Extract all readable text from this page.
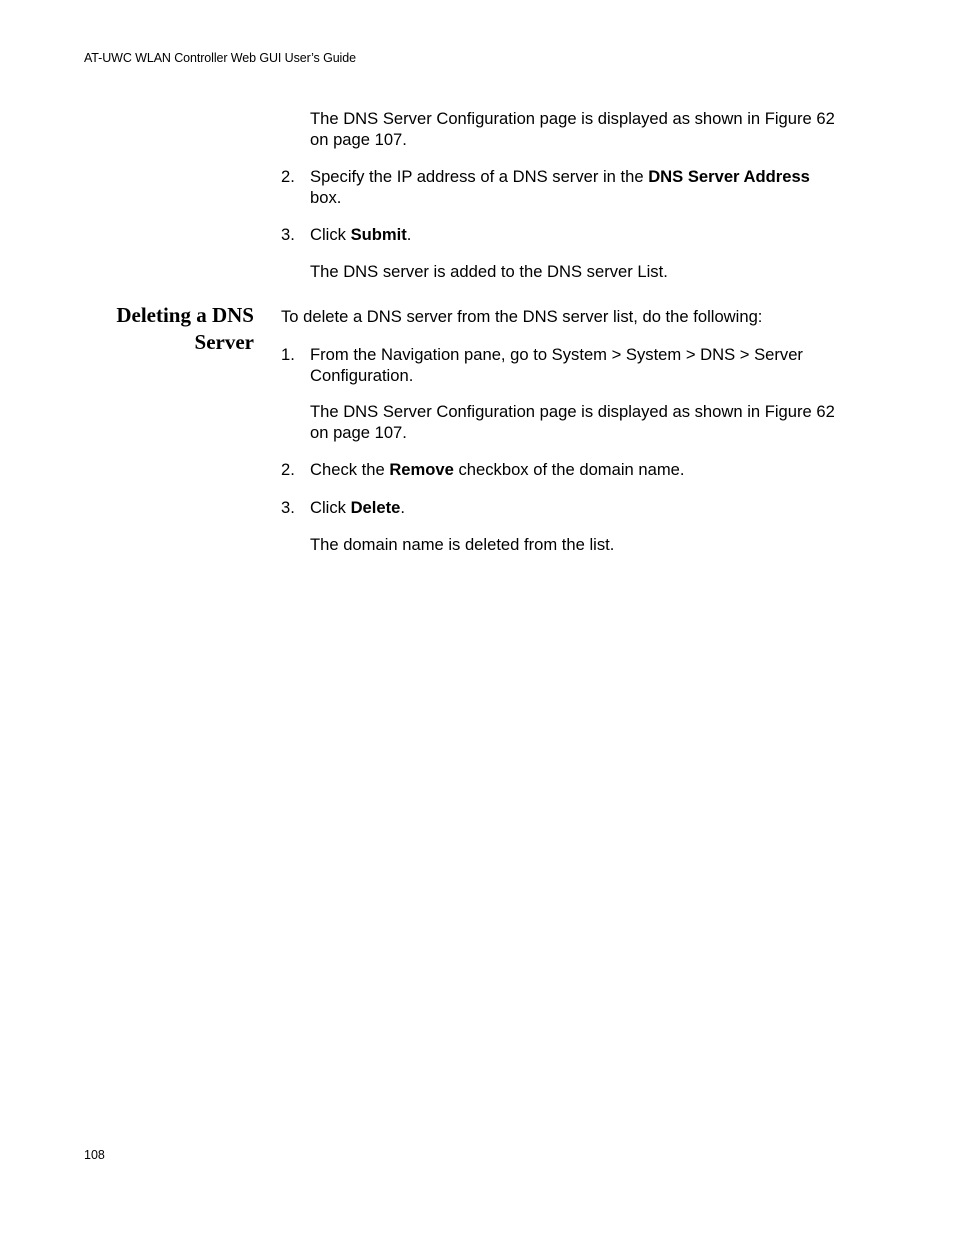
AT-UWC WLAN Controller Web GUI User’s Guide
The DNS Server Configuration page is displayed as shown in Figure 62 on page 107.
2. Specify the IP address of a DNS server in the DNS Server Address box.
3. Click Submit.
The DNS server is added to the DNS server List.
Deleting a DNS
Server
To delete a DNS server from the DNS server list, do the following:
1. From the Navigation pane, go to System > System > DNS > Server Configuration.
The DNS Server Configuration page is displayed as shown in Figure 62 on page 107.
2. Check the Remove checkbox of the domain name.
3. Click Delete.
The domain name is deleted from the list.
108
